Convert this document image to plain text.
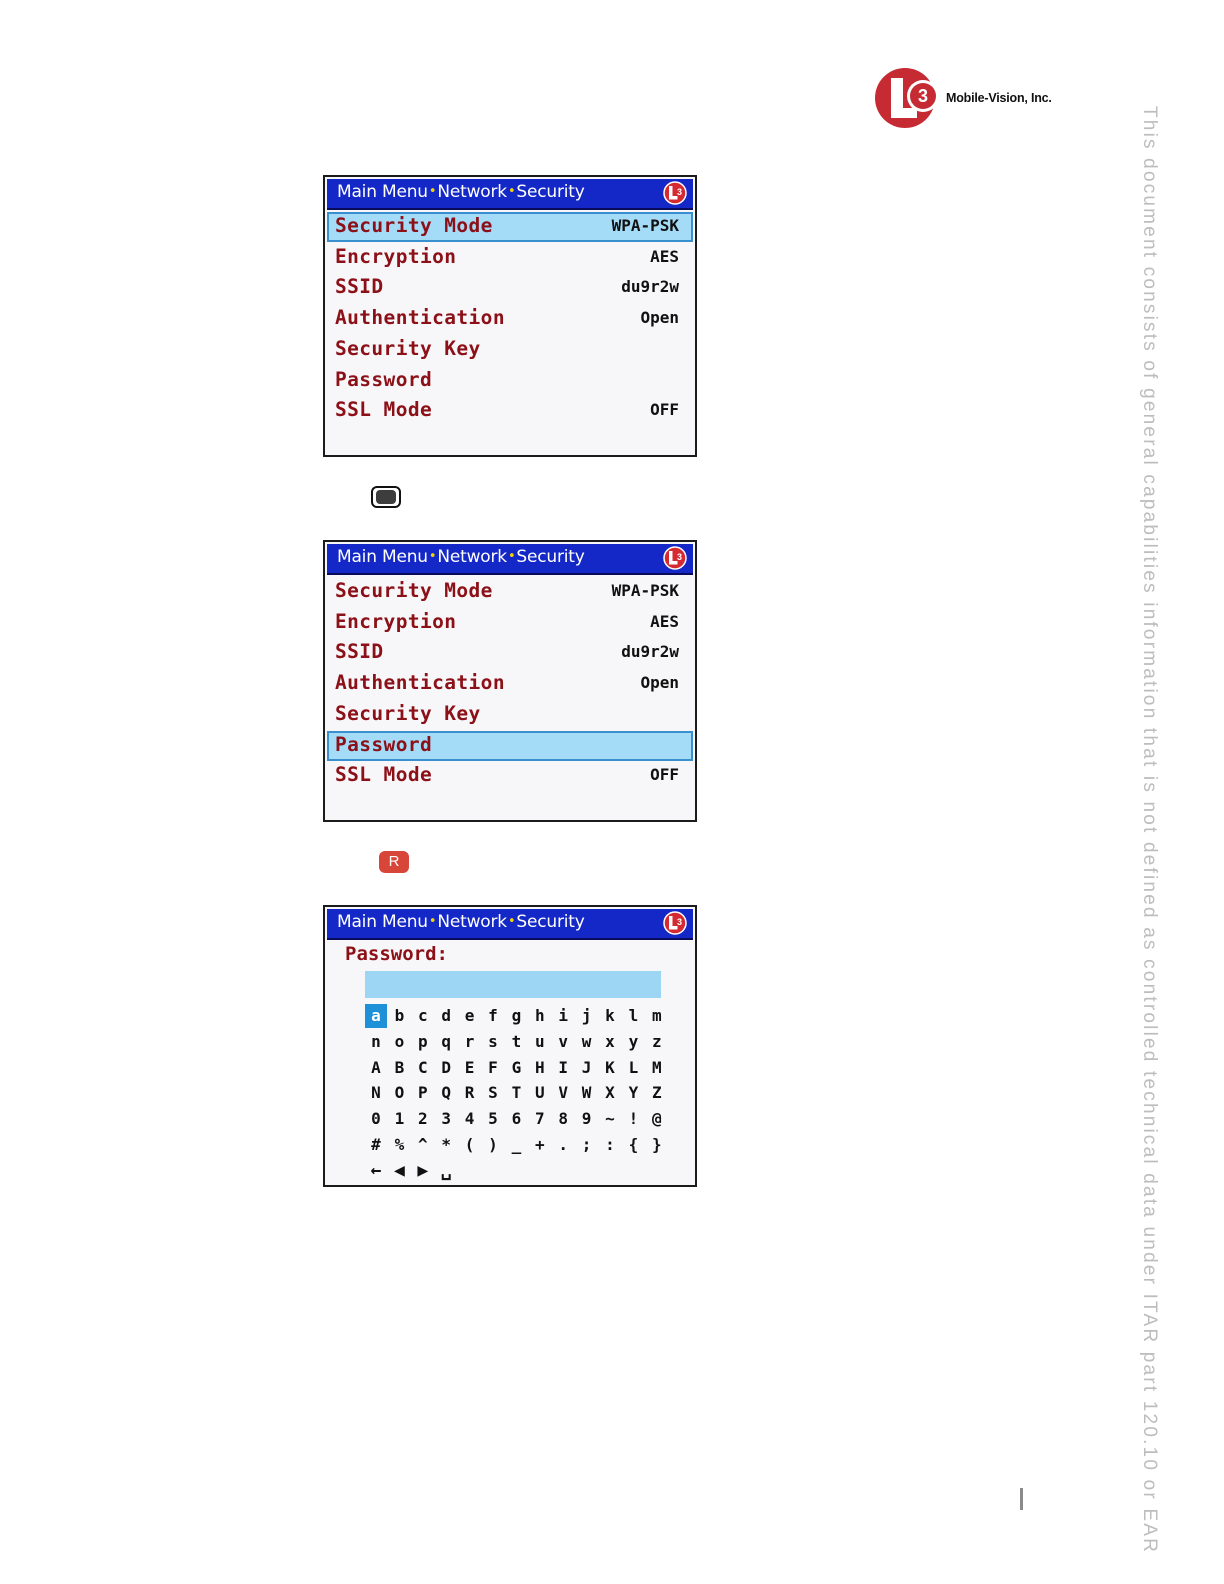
3 Mobile-Vision, Inc.
This document consists of general capabilities information that is not defined as controlled technical data under ITAR part 120.10 or EAR
Main Menu•Network•Security	3
Security Mode	WPA-PSK
Encryption	AES
SSID	du9r2w
Authentication	Open
Security Key
Password
SSL Mode	OFF
Main Menu•Network•Security	3
Security Mode	WPA-PSK
Encryption	AES
SSID	du9r2w
Authentication	Open
Security Key
Password
SSL Mode	OFF
R
Main Menu•Network•Security	3
Password:
a b c d e f g h i j k l m
n o p q r s t u v w x y z
A B C D E F G H I J K L M
N O P Q R S T U V W X Y Z
0 1 2 3 4 5 6 7 8 9 ~ ! @
# % ^ * ( ) _ + . ; : { }
← ◀ ▶ ␣
